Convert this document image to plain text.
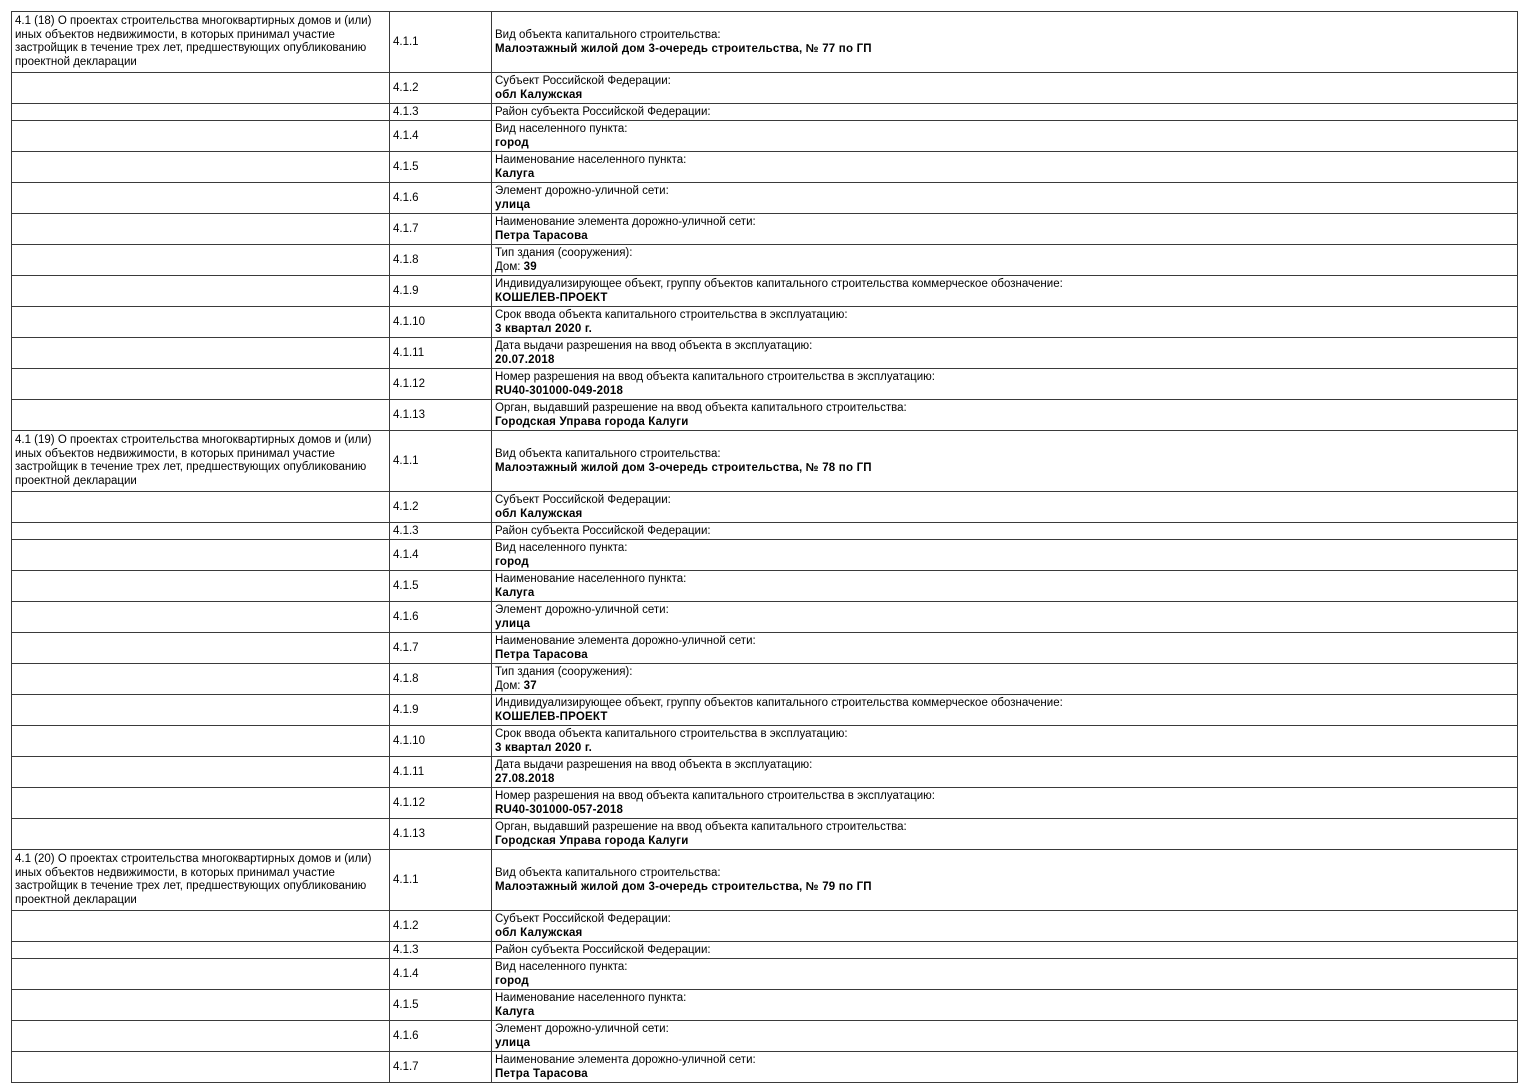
4.1 (18) О проектах строительства многоквартирных домов и (или) иных объектов недвижимости, в которых принимал участие застройщик в течение трех лет, предшествующих опубликованию проектной декларации	4.1.1	Вид объекта капитального строительства:
Малоэтажный жилой дом 3-очередь строительства, № 77 по ГП

	4.1.2	Субъект Российской Федерации:
обл Калужская

	4.1.3	Район субъекта Российской Федерации:

	4.1.4	Вид населенного пункта:
город

	4.1.5	Наименование населенного пункта:
Калуга

	4.1.6	Элемент дорожно-уличной сети:
улица

	4.1.7	Наименование элемента дорожно-уличной сети:
Петра Тарасова

	4.1.8	Тип здания (сооружения):
Дом: 39

	4.1.9	Индивидуализирующее объект, группу объектов капитального строительства коммерческое обозначение:
КОШЕЛЕВ-ПРОЕКТ

	4.1.10	Срок ввода объекта капитального строительства в эксплуатацию:
3 квартал 2020 г.

	4.1.11	Дата выдачи разрешения на ввод объекта в эксплуатацию:
20.07.2018

	4.1.12	Номер разрешения на ввод объекта капитального строительства в эксплуатацию:
RU40-301000-049-2018

	4.1.13	Орган, выдавший разрешение на ввод объекта капитального строительства:
Городская Управа города Калуги

4.1 (19) О проектах строительства многоквартирных домов и (или) иных объектов недвижимости, в которых принимал участие застройщик в течение трех лет, предшествующих опубликованию проектной декларации	4.1.1	Вид объекта капитального строительства:
Малоэтажный жилой дом 3-очередь строительства, № 78 по ГП

	4.1.2	Субъект Российской Федерации:
обл Калужская

	4.1.3	Район субъекта Российской Федерации:

	4.1.4	Вид населенного пункта:
город

	4.1.5	Наименование населенного пункта:
Калуга

	4.1.6	Элемент дорожно-уличной сети:
улица

	4.1.7	Наименование элемента дорожно-уличной сети:
Петра Тарасова

	4.1.8	Тип здания (сооружения):
Дом: 37

	4.1.9	Индивидуализирующее объект, группу объектов капитального строительства коммерческое обозначение:
КОШЕЛЕВ-ПРОЕКТ

	4.1.10	Срок ввода объекта капитального строительства в эксплуатацию:
3 квартал 2020 г.

	4.1.11	Дата выдачи разрешения на ввод объекта в эксплуатацию:
27.08.2018

	4.1.12	Номер разрешения на ввод объекта капитального строительства в эксплуатацию:
RU40-301000-057-2018

	4.1.13	Орган, выдавший разрешение на ввод объекта капитального строительства:
Городская Управа города Калуги

4.1 (20) О проектах строительства многоквартирных домов и (или) иных объектов недвижимости, в которых принимал участие застройщик в течение трех лет, предшествующих опубликованию проектной декларации	4.1.1	Вид объекта капитального строительства:
Малоэтажный жилой дом 3-очередь строительства, № 79 по ГП

	4.1.2	Субъект Российской Федерации:
обл Калужская

	4.1.3	Район субъекта Российской Федерации:

	4.1.4	Вид населенного пункта:
город

	4.1.5	Наименование населенного пункта:
Калуга

	4.1.6	Элемент дорожно-уличной сети:
улица

	4.1.7	Наименование элемента дорожно-уличной сети:
Петра Тарасова
